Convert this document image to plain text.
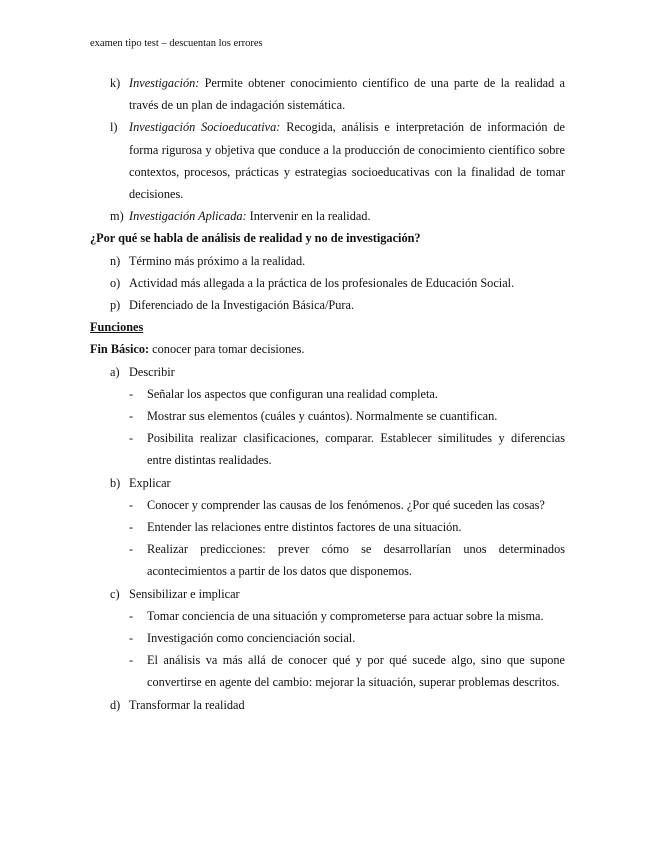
examen tipo test – descuentan los errores
k) Investigación: Permite obtener conocimiento científico de una parte de la realidad a través de un plan de indagación sistemática.
l) Investigación Socioeducativa: Recogida, análisis e interpretación de información de forma rigurosa y objetiva que conduce a la producción de conocimiento científico sobre contextos, procesos, prácticas y estrategias socioeducativas con la finalidad de tomar decisiones.
m) Investigación Aplicada: Intervenir en la realidad.
¿Por qué se habla de análisis de realidad y no de investigación?
n) Término más próximo a la realidad.
o) Actividad más allegada a la práctica de los profesionales de Educación Social.
p) Diferenciado de la Investigación Básica/Pura.
Funciones
Fin Básico: conocer para tomar decisiones.
a) Describir
- Señalar los aspectos que configuran una realidad completa.
- Mostrar sus elementos (cuáles y cuántos). Normalmente se cuantifican.
- Posibilita realizar clasificaciones, comparar. Establecer similitudes y diferencias entre distintas realidades.
b) Explicar
- Conocer y comprender las causas de los fenómenos. ¿Por qué suceden las cosas?
- Entender las relaciones entre distintos factores de una situación.
- Realizar predicciones: prever cómo se desarrollarían unos determinados acontecimientos a partir de los datos que disponemos.
c) Sensibilizar e implicar
- Tomar conciencia de una situación y comprometerse para actuar sobre la misma.
- Investigación como concienciación social.
- El análisis va más allá de conocer qué y por qué sucede algo, sino que supone convertirse en agente del cambio: mejorar la situación, superar problemas descritos.
d) Transformar la realidad
